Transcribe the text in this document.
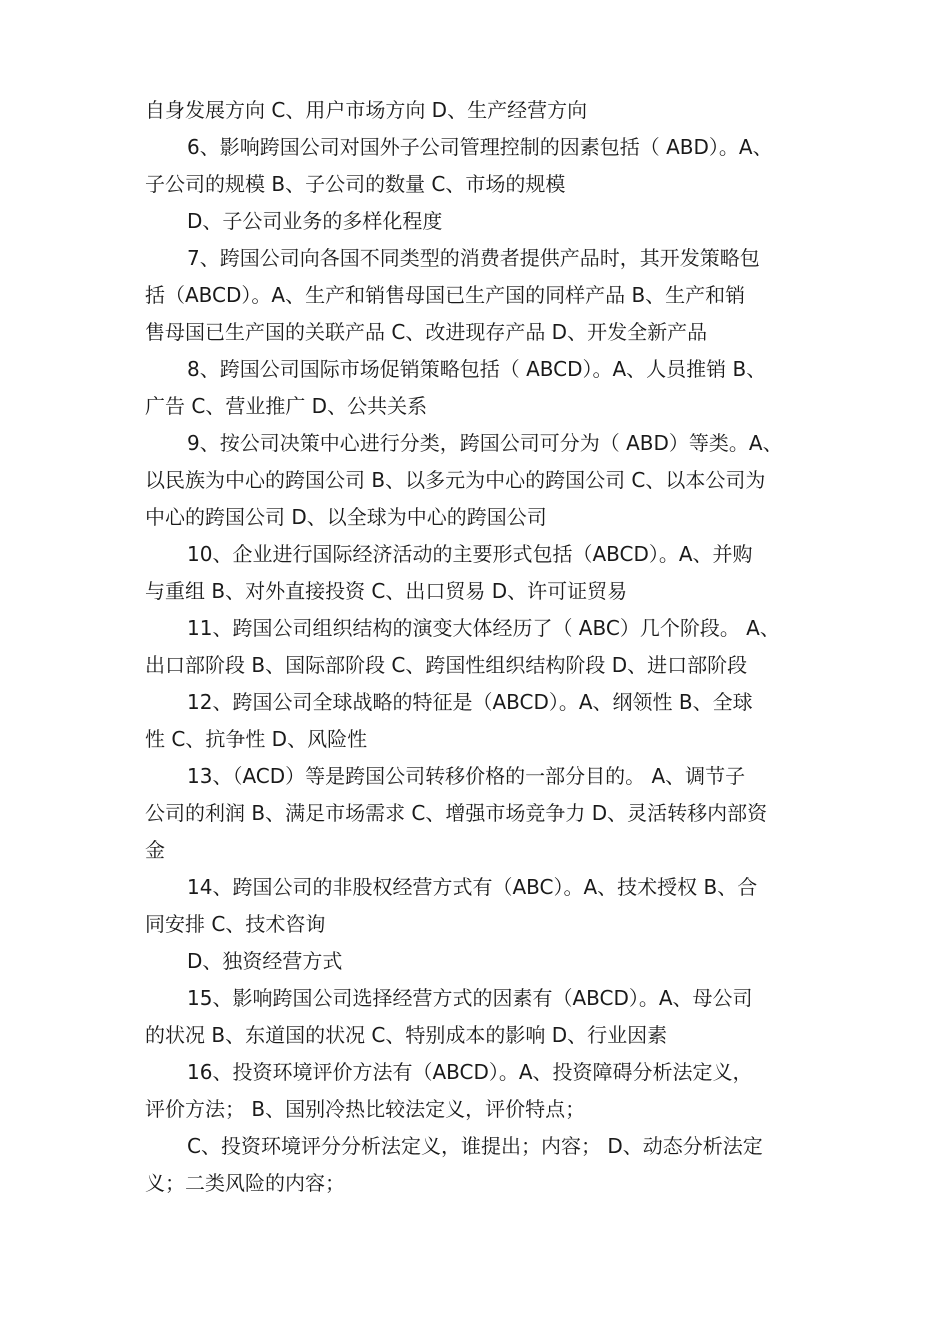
自身发展方向 C、用户市场方向 D、生产经营方向
6、影响跨国公司对国外子公司管理控制的因素包括（ ABD）。A、
子公司的规模 B、子公司的数量 C、市场的规模
D、子公司业务的多样化程度
7、跨国公司向各国不同类型的消费者提供产品时，其开发策略包
括（ABCD）。A、生产和销售母国已生产国的同样产品 B、生产和销
售母国已生产国的关联产品 C、改进现存产品 D、开发全新产品
8、跨国公司国际市场促销策略包括（ ABCD）。A、人员推销 B、
广告 C、营业推广 D、公共关系
9、按公司决策中心进行分类，跨国公司可分为（ ABD）等类。A、
以民族为中心的跨国公司 B、以多元为中心的跨国公司 C、以本公司为
中心的跨国公司 D、以全球为中心的跨国公司
10、企业进行国际经济活动的主要形式包括（ABCD）。A、并购
与重组 B、对外直接投资 C、出口贸易 D、许可证贸易
11、跨国公司组织结构的演变大体经历了（ ABC）几个阶段。 A、
出口部阶段 B、国际部阶段 C、跨国性组织结构阶段 D、进口部阶段
12、跨国公司全球战略的特征是（ABCD）。A、纲领性 B、全球
性 C、抗争性 D、风险性
13、（ACD）等是跨国公司转移价格的一部分目的。 A、调节子
公司的利润 B、满足市场需求 C、增强市场竞争力 D、灵活转移内部资
金
14、跨国公司的非股权经营方式有（ABC）。A、技术授权 B、合
同安排 C、技术咨询
D、独资经营方式
15、影响跨国公司选择经营方式的因素有（ABCD）。A、母公司
的状况 B、东道国的状况 C、特别成本的影响 D、行业因素
16、投资环境评价方法有（ABCD）。A、投资障碍分析法定义，
评价方法； B、国别冷热比较法定义，评价特点；
C、投资环境评分分析法定义，谁提出；内容； D、动态分析法定
义；二类风险的内容；
